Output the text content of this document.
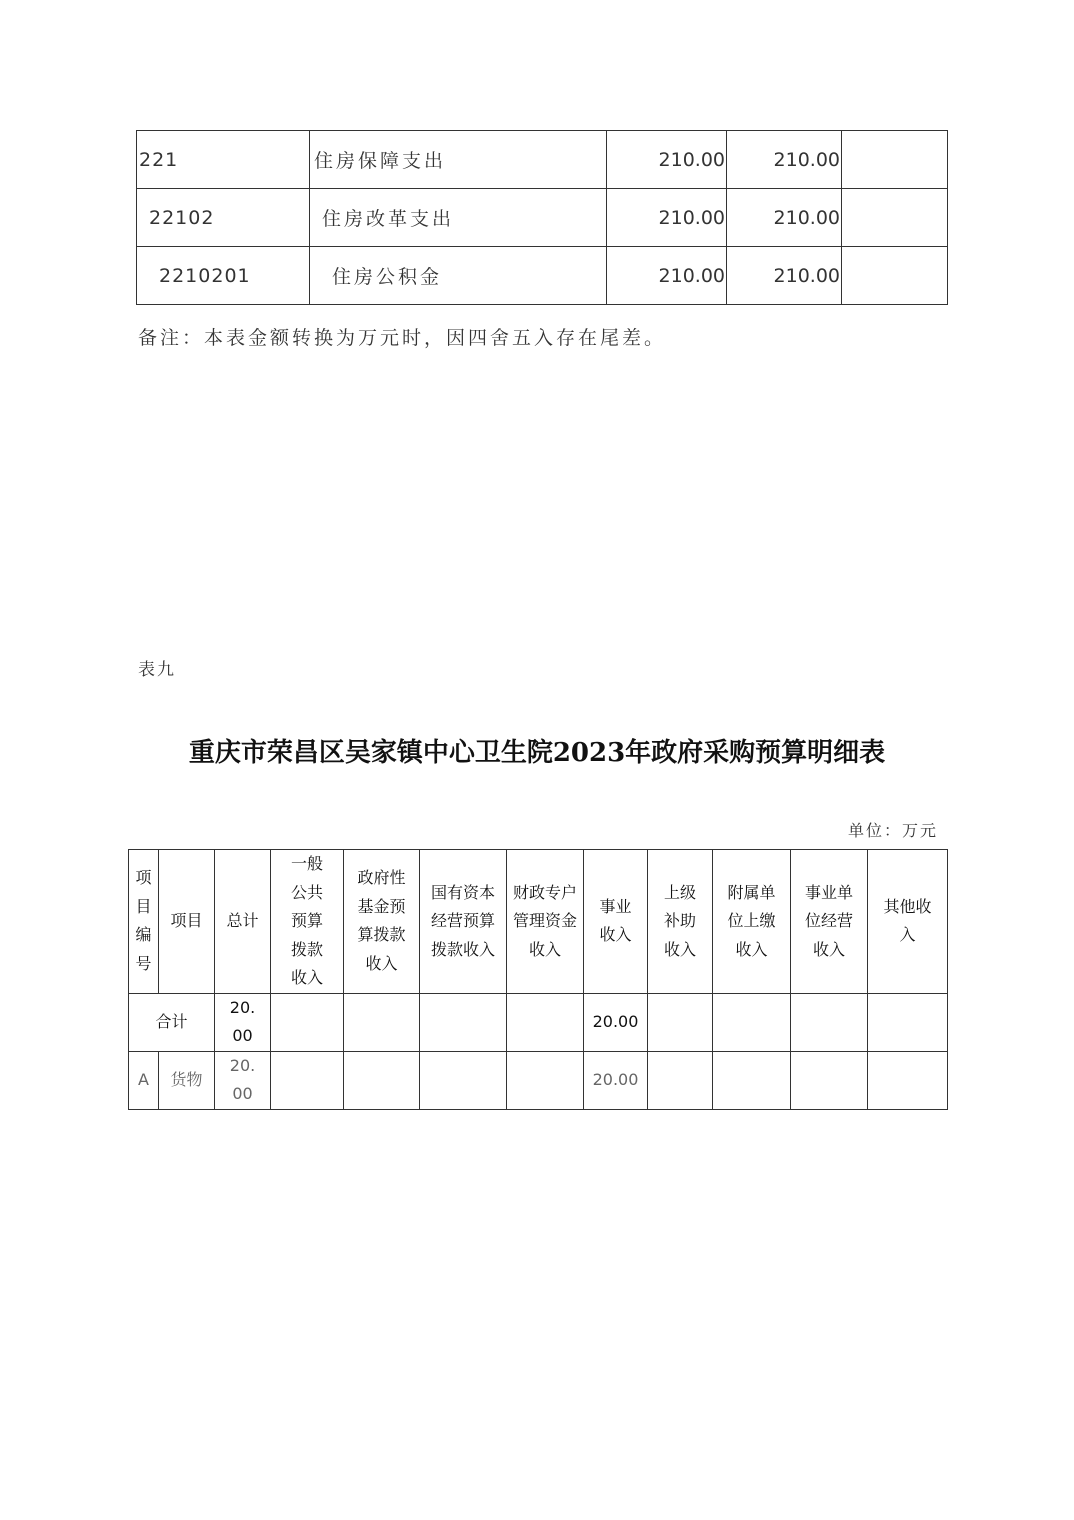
221	住房保障支出	210.00	210.00	
22102	住房改革支出	210.00	210.00	
2210201	住房公积金	210.00	210.00	
备注：本表金额转换为万元时，因四舍五入存在尾差。
表九
重庆市荣昌区吴家镇中心卫生院2023年政府采购预算明细表
单位：万元
项目编号	项目	总计	一般公共预算拨款收入	政府性基金预算拨款收入	国有资本经营预算拨款收入	财政专户管理资金收入	事业收入	上级补助收入	附属单位上缴收入	事业单位经营收入	其他收入
合计		20.00					20.00				
A	货物	20.00					20.00				
